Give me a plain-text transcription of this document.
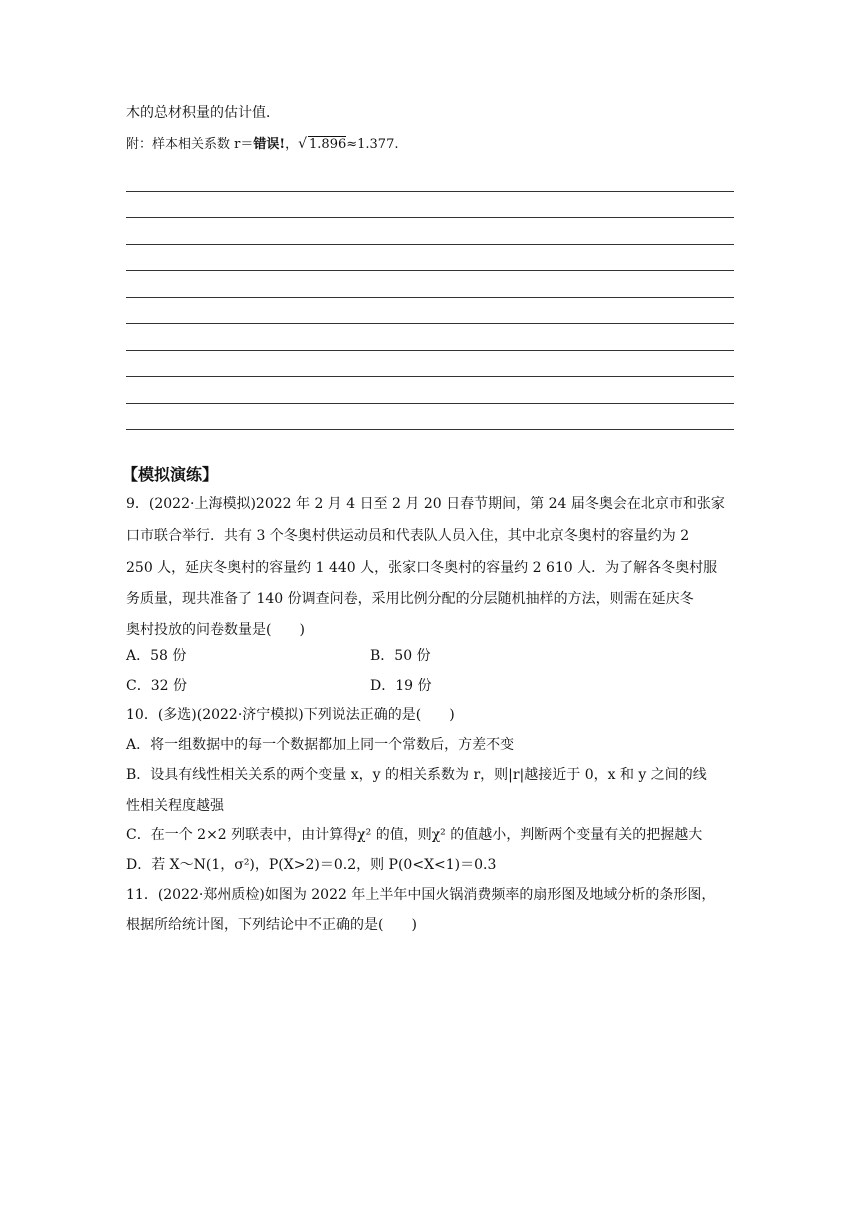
木的总材积量的估计值．
附：样本相关系数 r＝错误!，√ 1.896≈1.377.
【模拟演练】
9．(2022·上海模拟)2022 年 2 月 4 日至 2 月 20 日春节期间，第 24 届冬奥会在北京市和张家
口市联合举行．共有 3 个冬奥村供运动员和代表队人员入住，其中北京冬奥村的容量约为 2
250 人，延庆冬奥村的容量约 1 440 人，张家口冬奥村的容量约 2 610 人．为了解各冬奥村服
务质量，现共准备了 140 份调查问卷，采用比例分配的分层随机抽样的方法，则需在延庆冬
奥村投放的问卷数量是(　　)
A．58 份	B．50 份
C．32 份	D．19 份
10．(多选)(2022·济宁模拟)下列说法正确的是(　　)
A．将一组数据中的每一个数据都加上同一个常数后，方差不变
B．设具有线性相关关系的两个变量 x，y 的相关系数为 r，则|r|越接近于 0，x 和 y 之间的线
性相关程度越强
C．在一个 2×2 列联表中，由计算得χ² 的值，则χ² 的值越小，判断两个变量有关的把握越大
D．若 X～N(1，σ²)，P(X>2)＝0.2，则 P(0<X<1)＝0.3
11．(2022·郑州质检)如图为 2022 年上半年中国火锅消费频率的扇形图及地域分析的条形图，
根据所给统计图，下列结论中不正确的是(　　)
